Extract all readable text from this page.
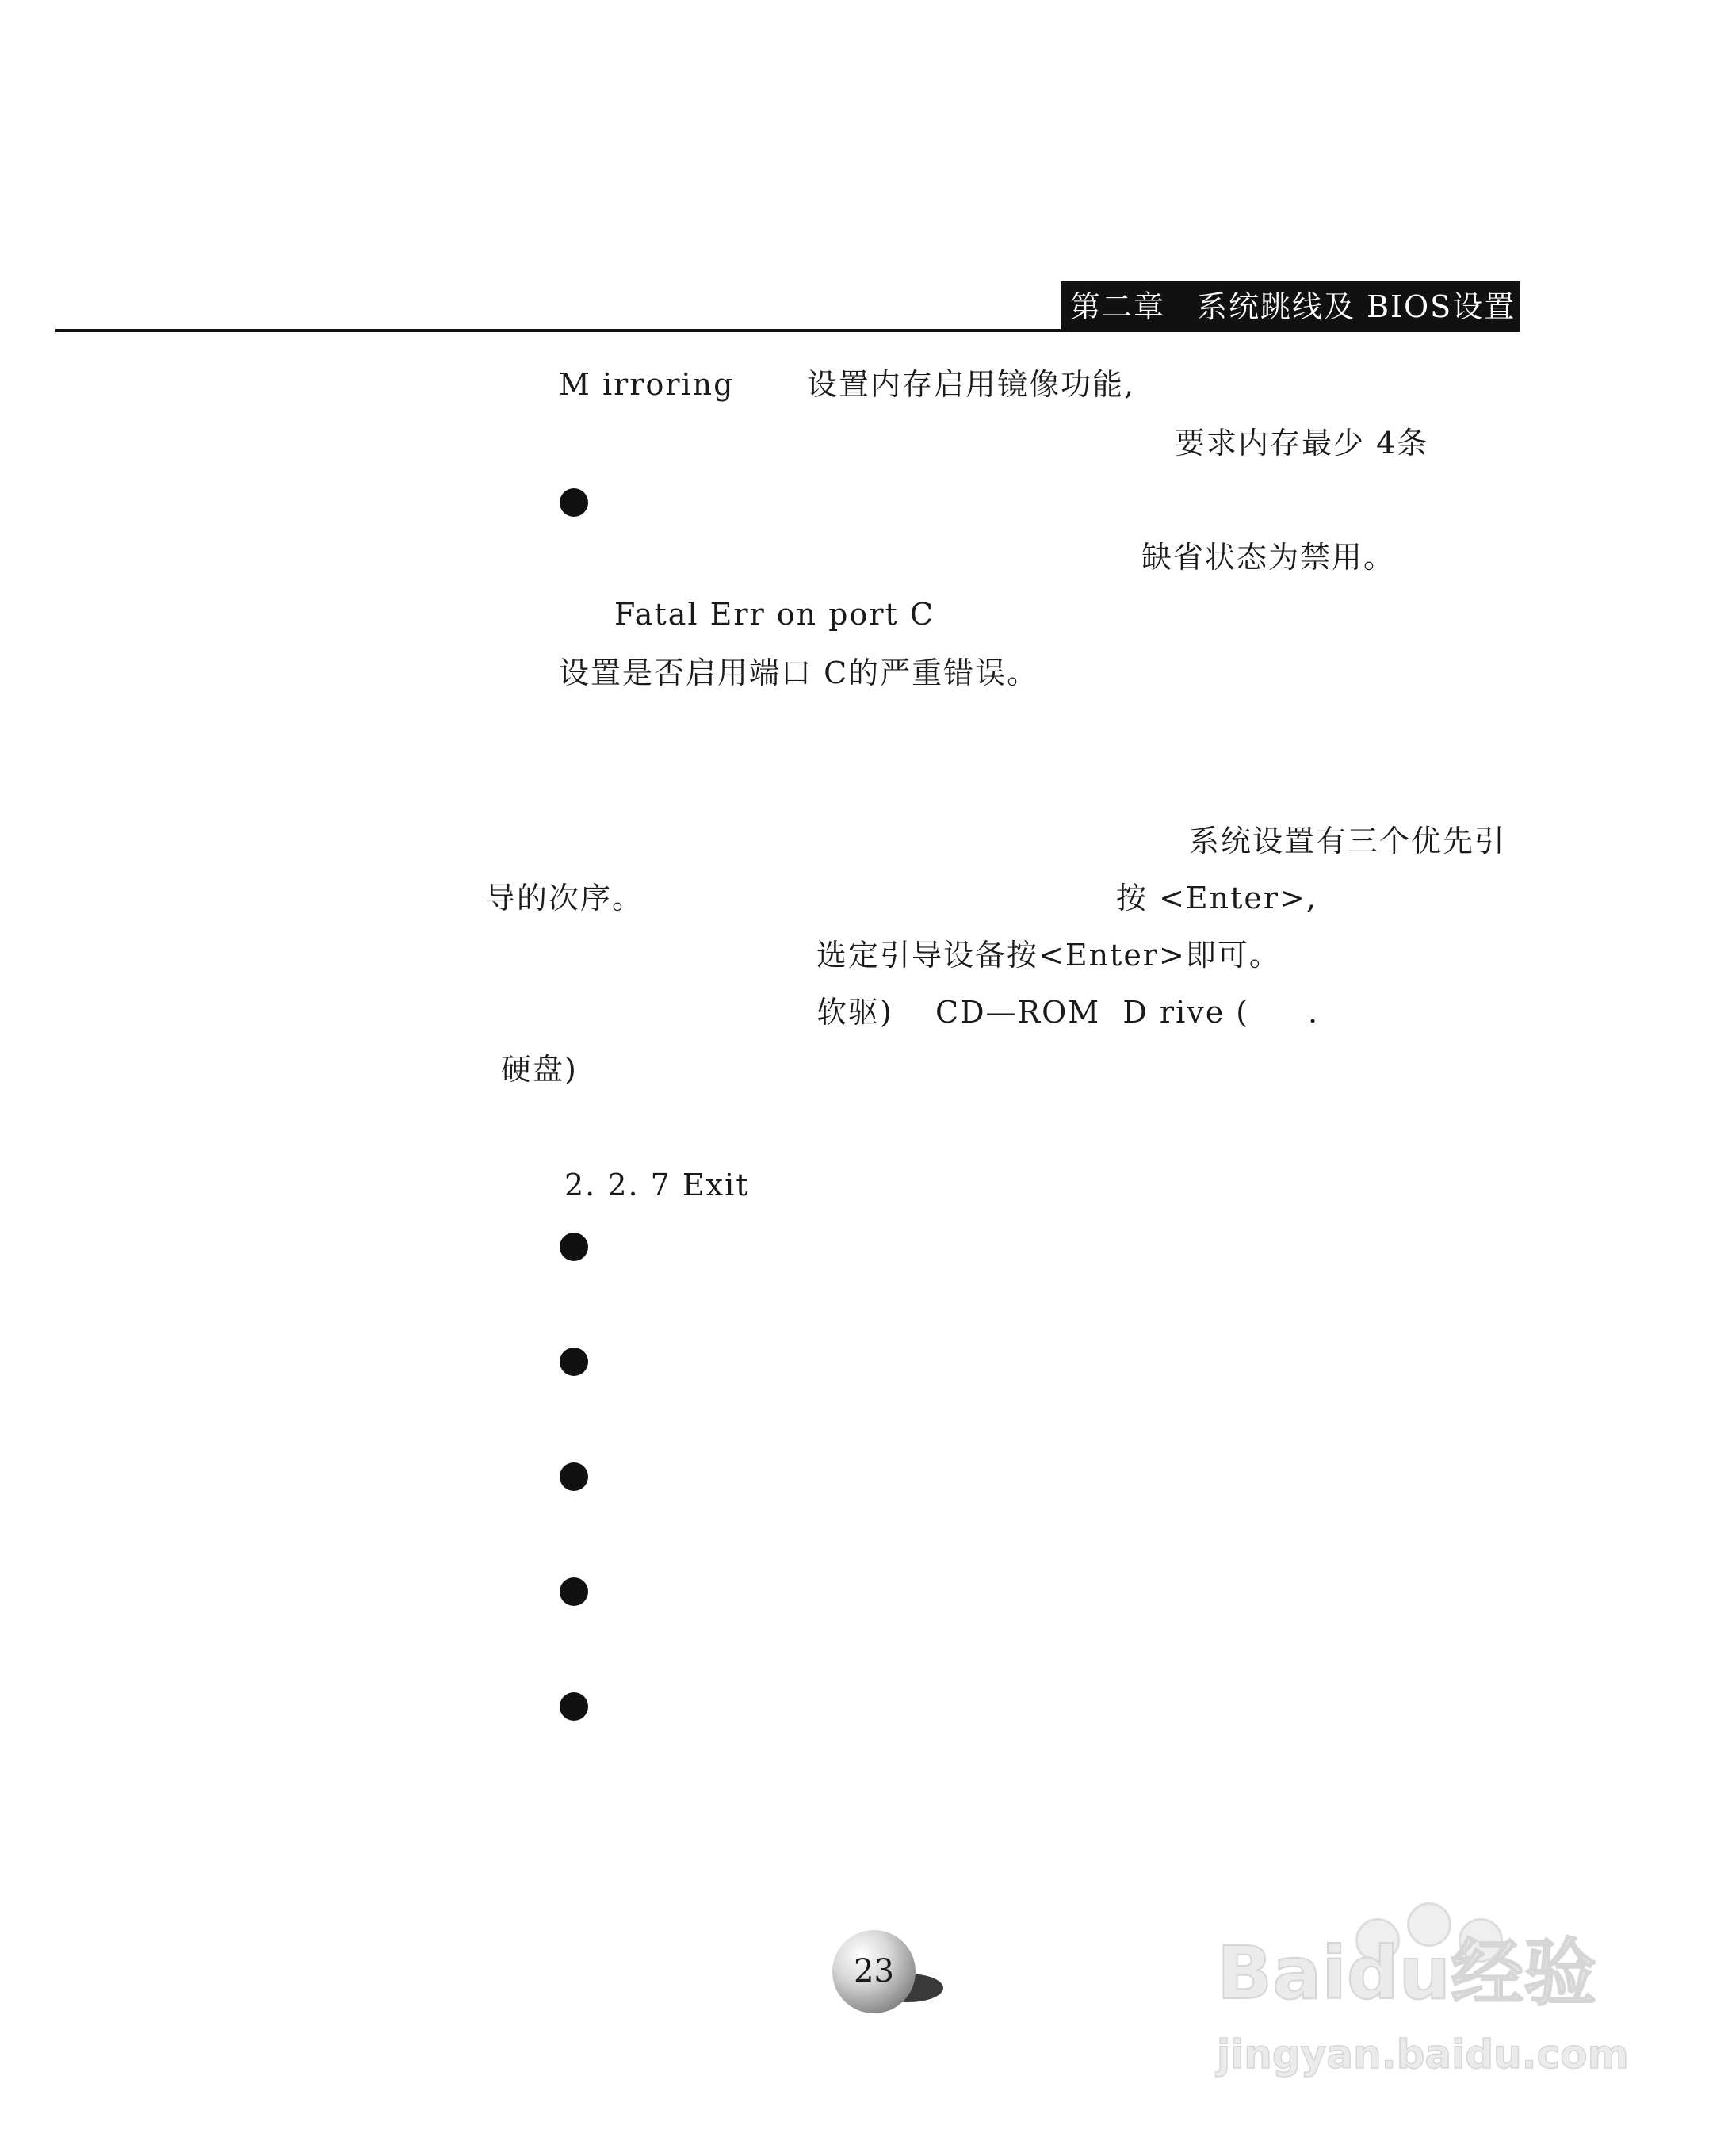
第二章　系统跳线及 BIOS设置
M irroring 设置内存启用镜像功能,
要求内存最少 4条
缺省状态为禁用。
Fatal Err on port C
设置是否启用端口 C的严重错误。
系统设置有三个优先引
导的次序。	按 <Enter>,
选定引导设备按<Enter>即可。
软驱) CD—ROM  D rive ( .
硬盘)
2. 2. 7 Exit
23	Baidu经验
jingyan.baidu.com
